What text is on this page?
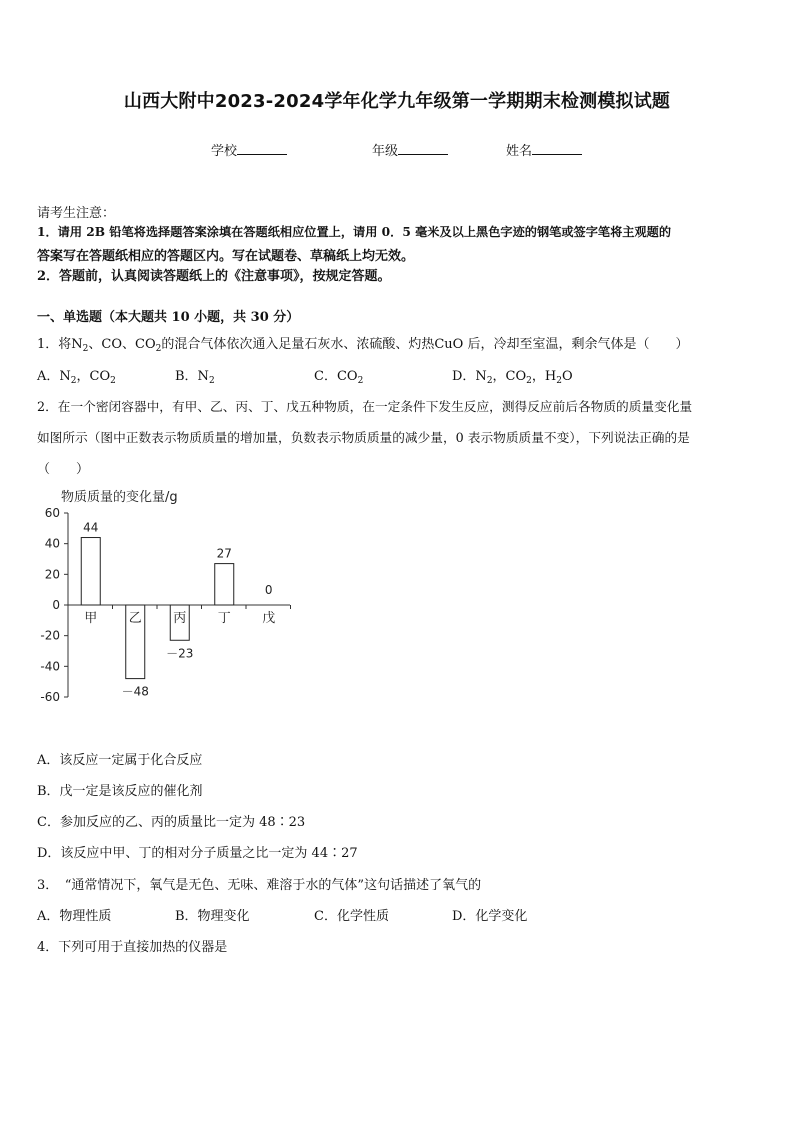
山西大附中2023-2024学年化学九年级第一学期期末检测模拟试题
学校	年级	姓名
请考生注意：
1．请用 2B 铅笔将选择题答案涂填在答题纸相应位置上，请用 0．5 毫米及以上黑色字迹的钢笔或签字笔将主观题的
答案写在答题纸相应的答题区内。写在试题卷、草稿纸上均无效。
2．答题前，认真阅读答题纸上的《注意事项》，按规定答题。
一、单选题（本大题共 10 小题，共 30 分）
1．将$N_2$、CO、$CO_2$的混合气体依次通入足量石灰水、浓硫酸、灼热CuO 后，冷却至室温，剩余气体是（　　）
A．$N_2$，$CO_2$	B．$N_2$	C．$CO_2$	D．$N_2$，$CO_2$，$H_2O$
2．在一个密闭容器中，有甲、乙、丙、丁、戊五种物质，在一定条件下发生反应，测得反应前后各物质的质量变化量
如图所示（图中正数表示物质质量的增加量，负数表示物质质量的减少量，0 表示物质质量不变），下列说法正确的是
（　　）
物质质量的变化量/g
60
40
20
0
-20
-40
-60
甲
44
乙
－48
丙
－23
丁
27
戊
0
A．该反应一定属于化合反应
B．戊一定是该反应的催化剂
C．参加反应的乙、丙的质量比一定为 48∶23
D．该反应中甲、丁的相对分子质量之比一定为 44∶27
3．　“通常情况下，氧气是无色、无味、难溶于水的气体”这句话描述了氧气的
A．物理性质	B．物理变化	C．化学性质	D．化学变化
4．下列可用于直接加热的仪器是
